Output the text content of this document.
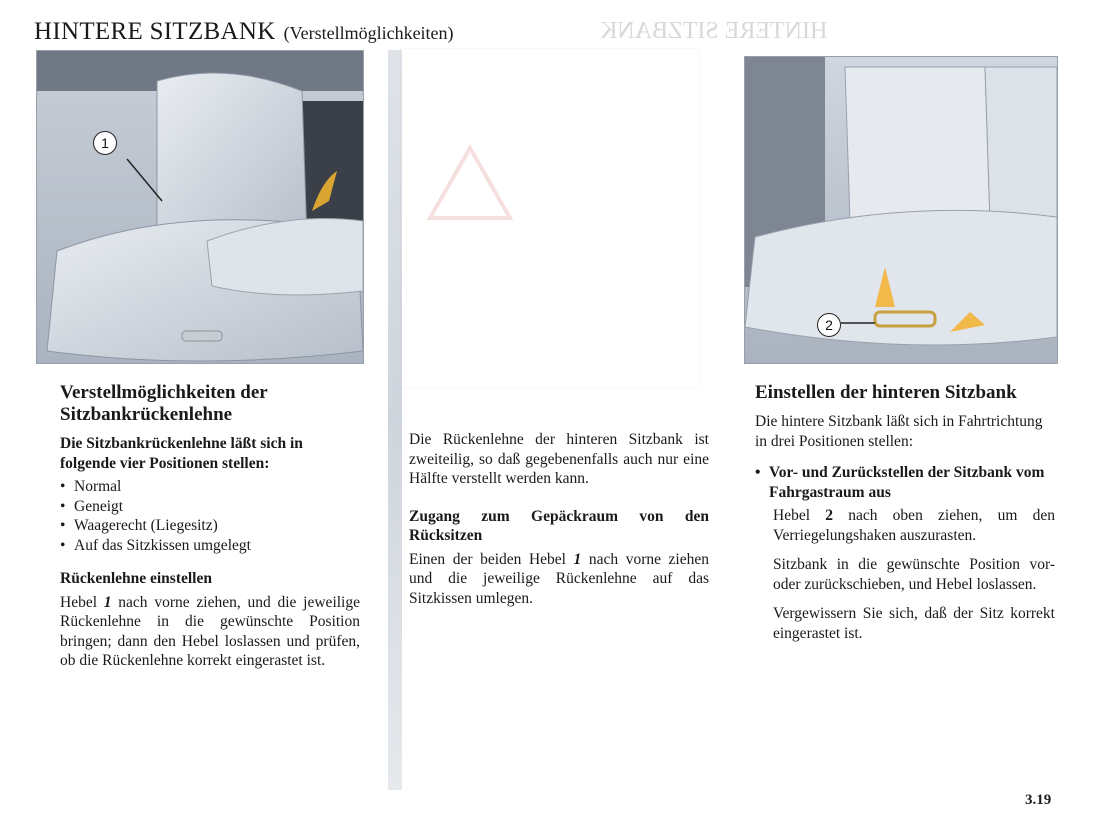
HINTERE SITZBANK (Verstellmöglichkeiten)	HINTERE SITZBANK
1
2
Verstellmöglichkeiten der Sitzbankrückenlehne

Die Sitzbankrückenlehne läßt sich in folgende vier Positionen stellen:

• Normal
• Geneigt
• Waagerecht (Liegesitz)
• Auf das Sitzkissen umgelegt

Rückenlehne einstellen

Hebel 1 nach vorne ziehen, und die jeweilige Rückenlehne in die gewünschte Position bringen; dann den Hebel loslassen und prüfen, ob die Rückenlehne korrekt eingerastet ist.

Die Rückenlehne der hinteren Sitzbank ist zweiteilig, so daß gegebenenfalls auch nur eine Hälfte verstellt werden kann.

Zugang zum Gepäckraum von den Rücksitzen

Einen der beiden Hebel 1 nach vorne ziehen und die jeweilige Rückenlehne auf das Sitzkissen umlegen.

Einstellen der hinteren Sitzbank

Die hintere Sitzbank läßt sich in Fahrtrichtung in drei Positionen stellen:

• Vor- und Zurückstellen der Sitzbank vom Fahrgastraum aus

Hebel 2 nach oben ziehen, um den Verriegelungshaken auszurasten.

Sitzbank in die gewünschte Position vor- oder zurückschieben, und Hebel loslassen.

Vergewissern Sie sich, daß der Sitz korrekt eingerastet ist.

3.19
